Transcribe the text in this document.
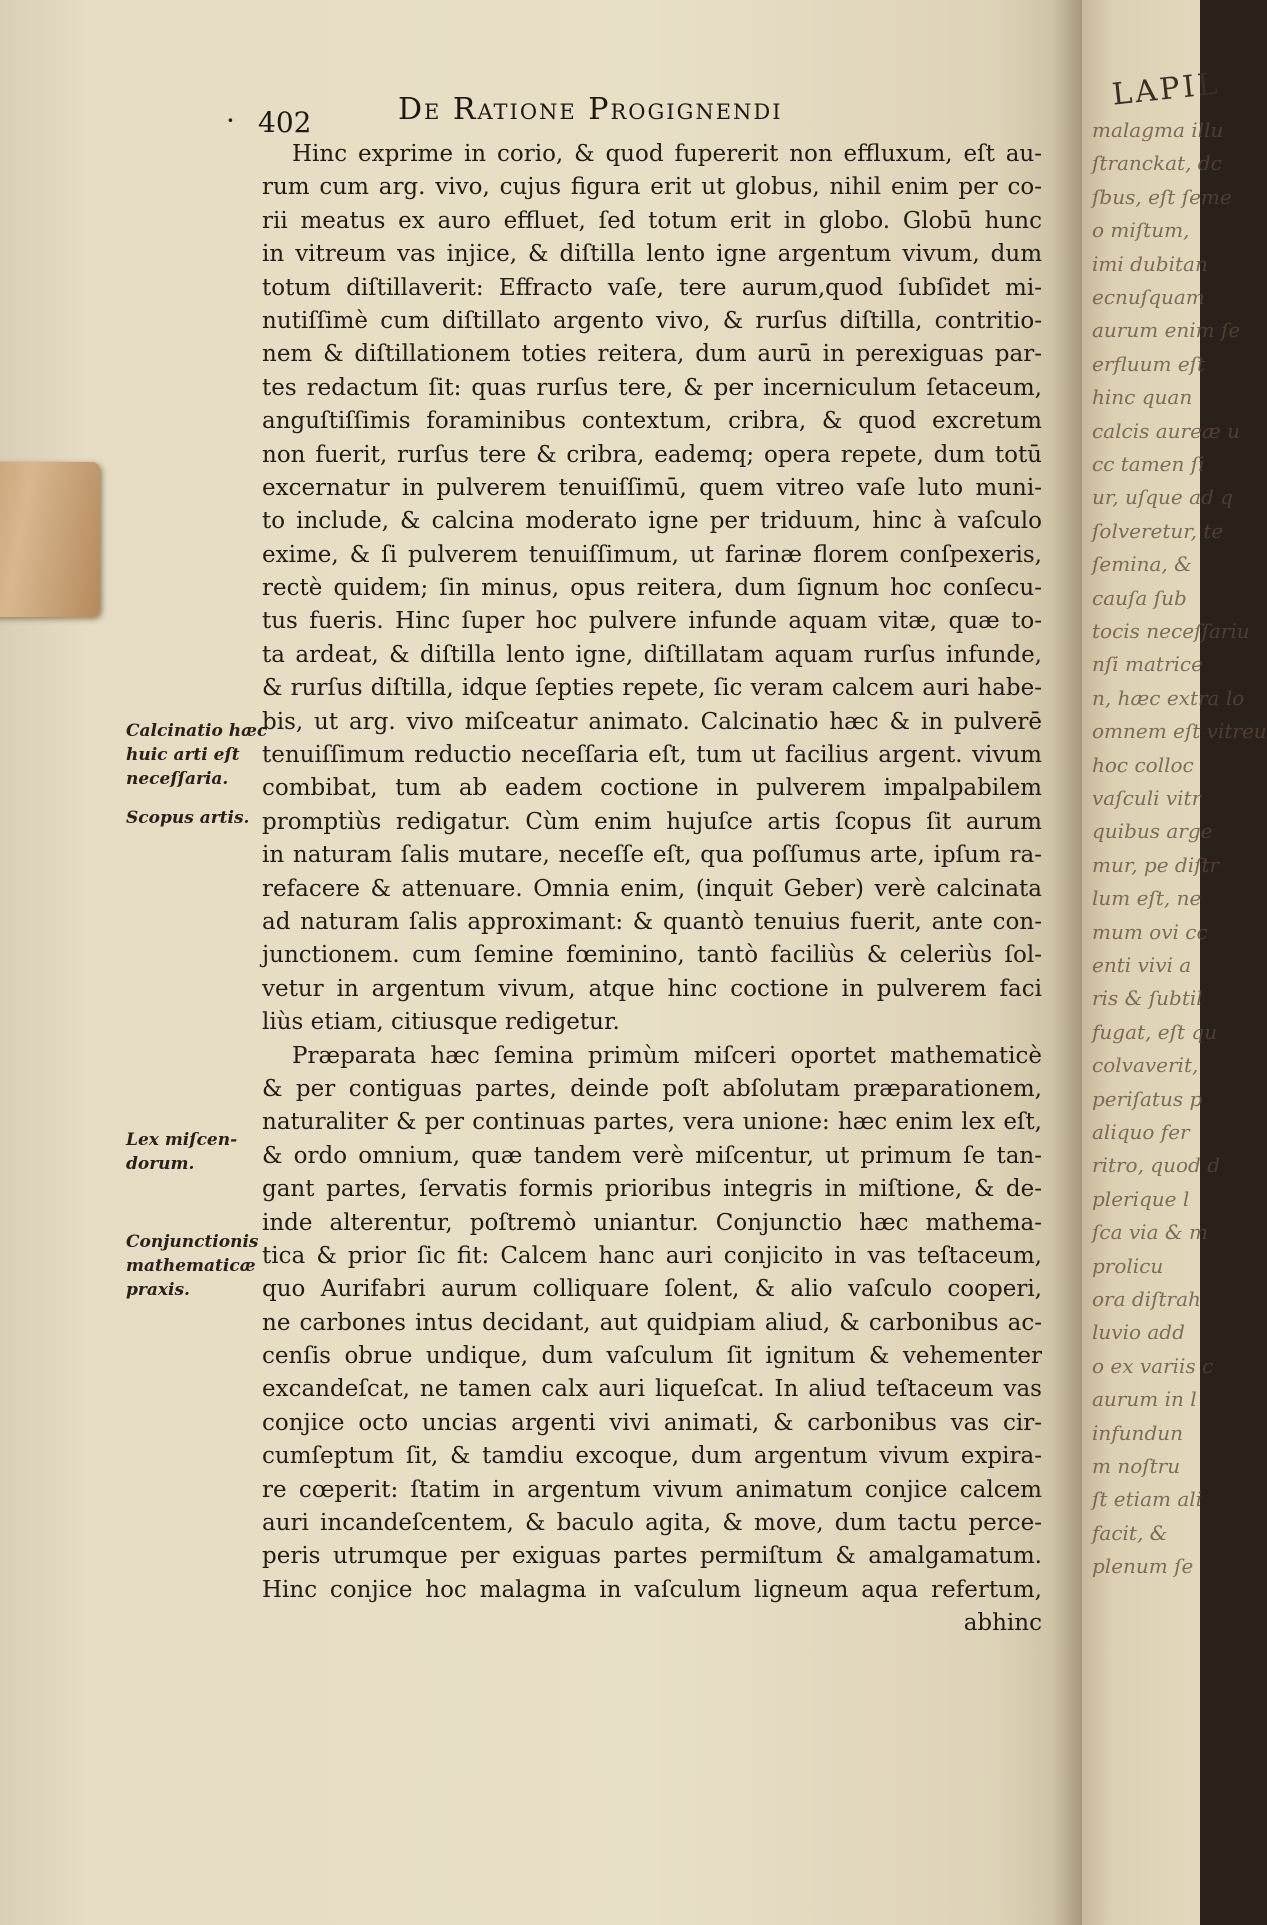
· 402	De Ratione Progignendi
Hinc exprime in corio, & quod fupererit non effluxum, eſt au-
rum cum arg. vivo, cujus figura erit ut globus, nihil enim per co-
rii meatus ex auro effluet, ſed totum erit in globo. Globū hunc
in vitreum vas injice, & diſtilla lento igne argentum vivum, dum
totum diſtillaverit: Effracto vaſe, tere aurum,quod ſubſidet mi-
nutiſſimè cum diſtillato argento vivo, & rurſus diſtilla, contritio-
nem & diſtillationem toties reitera, dum aurū in perexiguas par-
tes redactum ſit: quas rurſus tere, & per incerniculum ſetaceum,
anguſtiſſimis foraminibus contextum, cribra, & quod excretum
non fuerit, rurſus tere & cribra, eademq; opera repete, dum totū
excernatur in pulverem tenuiſſimū, quem vitreo vaſe luto muni-
to include, & calcina moderato igne per triduum, hinc à vaſculo
exime, & ſi pulverem tenuiſſimum, ut farinæ florem conſpexeris,
rectè quidem; ſin minus, opus reitera, dum ſignum hoc conſecu-
tus fueris. Hinc ſuper hoc pulvere infunde aquam vitæ, quæ to-
ta ardeat, & diſtilla lento igne, diſtillatam aquam rurſus infunde,
& rurſus diſtilla, idque ſepties repete, ſic veram calcem auri habe-
bis, ut arg. vivo miſceatur animato. Calcinatio hæc & in pulverē
tenuiſſimum reductio neceſſaria eſt, tum ut facilius argent. vivum
combibat, tum ab eadem coctione in pulverem impalpabilem
promptiùs redigatur. Cùm enim hujuſce artis ſcopus ſit aurum
in naturam ſalis mutare, neceſſe eſt, qua poſſumus arte, ipſum ra-
refacere & attenuare. Omnia enim, (inquit Geber) verè calcinata
ad naturam ſalis approximant: & quantò tenuius fuerit, ante con-
junctionem. cum ſemine fœminino, tantò faciliùs & celeriùs ſol-
vetur in argentum vivum, atque hinc coctione in pulverem faci
liùs etiam, citiusque redigetur.
Præparata hæc ſemina primùm miſceri oportet mathematicè
& per contiguas partes, deinde poſt abſolutam præparationem,
naturaliter & per continuas partes, vera unione: hæc enim lex eſt,
& ordo omnium, quæ tandem verè miſcentur, ut primum ſe tan-
gant partes, ſervatis formis prioribus integris in miſtione, & de-
inde alterentur, poſtremò uniantur. Conjunctio hæc mathema-
tica & prior ſic fit: Calcem hanc auri conjicito in vas teſtaceum,
quo Aurifabri aurum colliquare ſolent, & alio vaſculo cooperi,
ne carbones intus decidant, aut quidpiam aliud, & carbonibus ac-
cenſis obrue undique, dum vaſculum ſit ignitum & vehementer
excandeſcat, ne tamen calx auri liqueſcat. In aliud teſtaceum vas
conjice octo uncias argenti vivi animati, & carbonibus vas cir-
cumſeptum ſit, & tamdiu excoque, dum argentum vivum expira-
re cœperit: ſtatim in argentum vivum animatum conjice calcem
auri incandeſcentem, & baculo agita, & move, dum tactu perce-
peris utrumque per exiguas partes permiſtum & amalgamatum.
Hinc conjice hoc malagma in vaſculum ligneum aqua refertum,
abhinc
Calcinatio hæc
huic arti eſt
neceſſaria.
Scopus artis.
Lex miſcen-
dorum.
Conjunctionis
mathematicæ
praxis.
LAPIL
malagma illu
ſtranckat, dc
ſbus, eſt ſeme
o miſtum,
imi dubitan
ecnuſquam
aurum enim ſe
erfluum eſt
hinc quan
calcis aureæ u
cc tamen ſi
ur, uſque ad q
ſolveretur, te
ſemina, &
cauſa ſub
tocis neceſſariu
nſi matrice
n, hæc extra lo
omnem eſt vitreu
hoc colloc
vaſculi vitr
quibus arge
mur, pe diſtr
lum eſt, ne
mum ovi cc
enti vivi a
ris & ſubtil
fugat, eſt qu
colvaverit,
periſatus p
aliquo fer
ritro, quod d
plerique l
ſca via & m
prolicu
ora diſtrah
luvio add
o ex variis c
aurum in l
infundun
m noſtru
ſt etiam ali
facit, &
plenum ſe
